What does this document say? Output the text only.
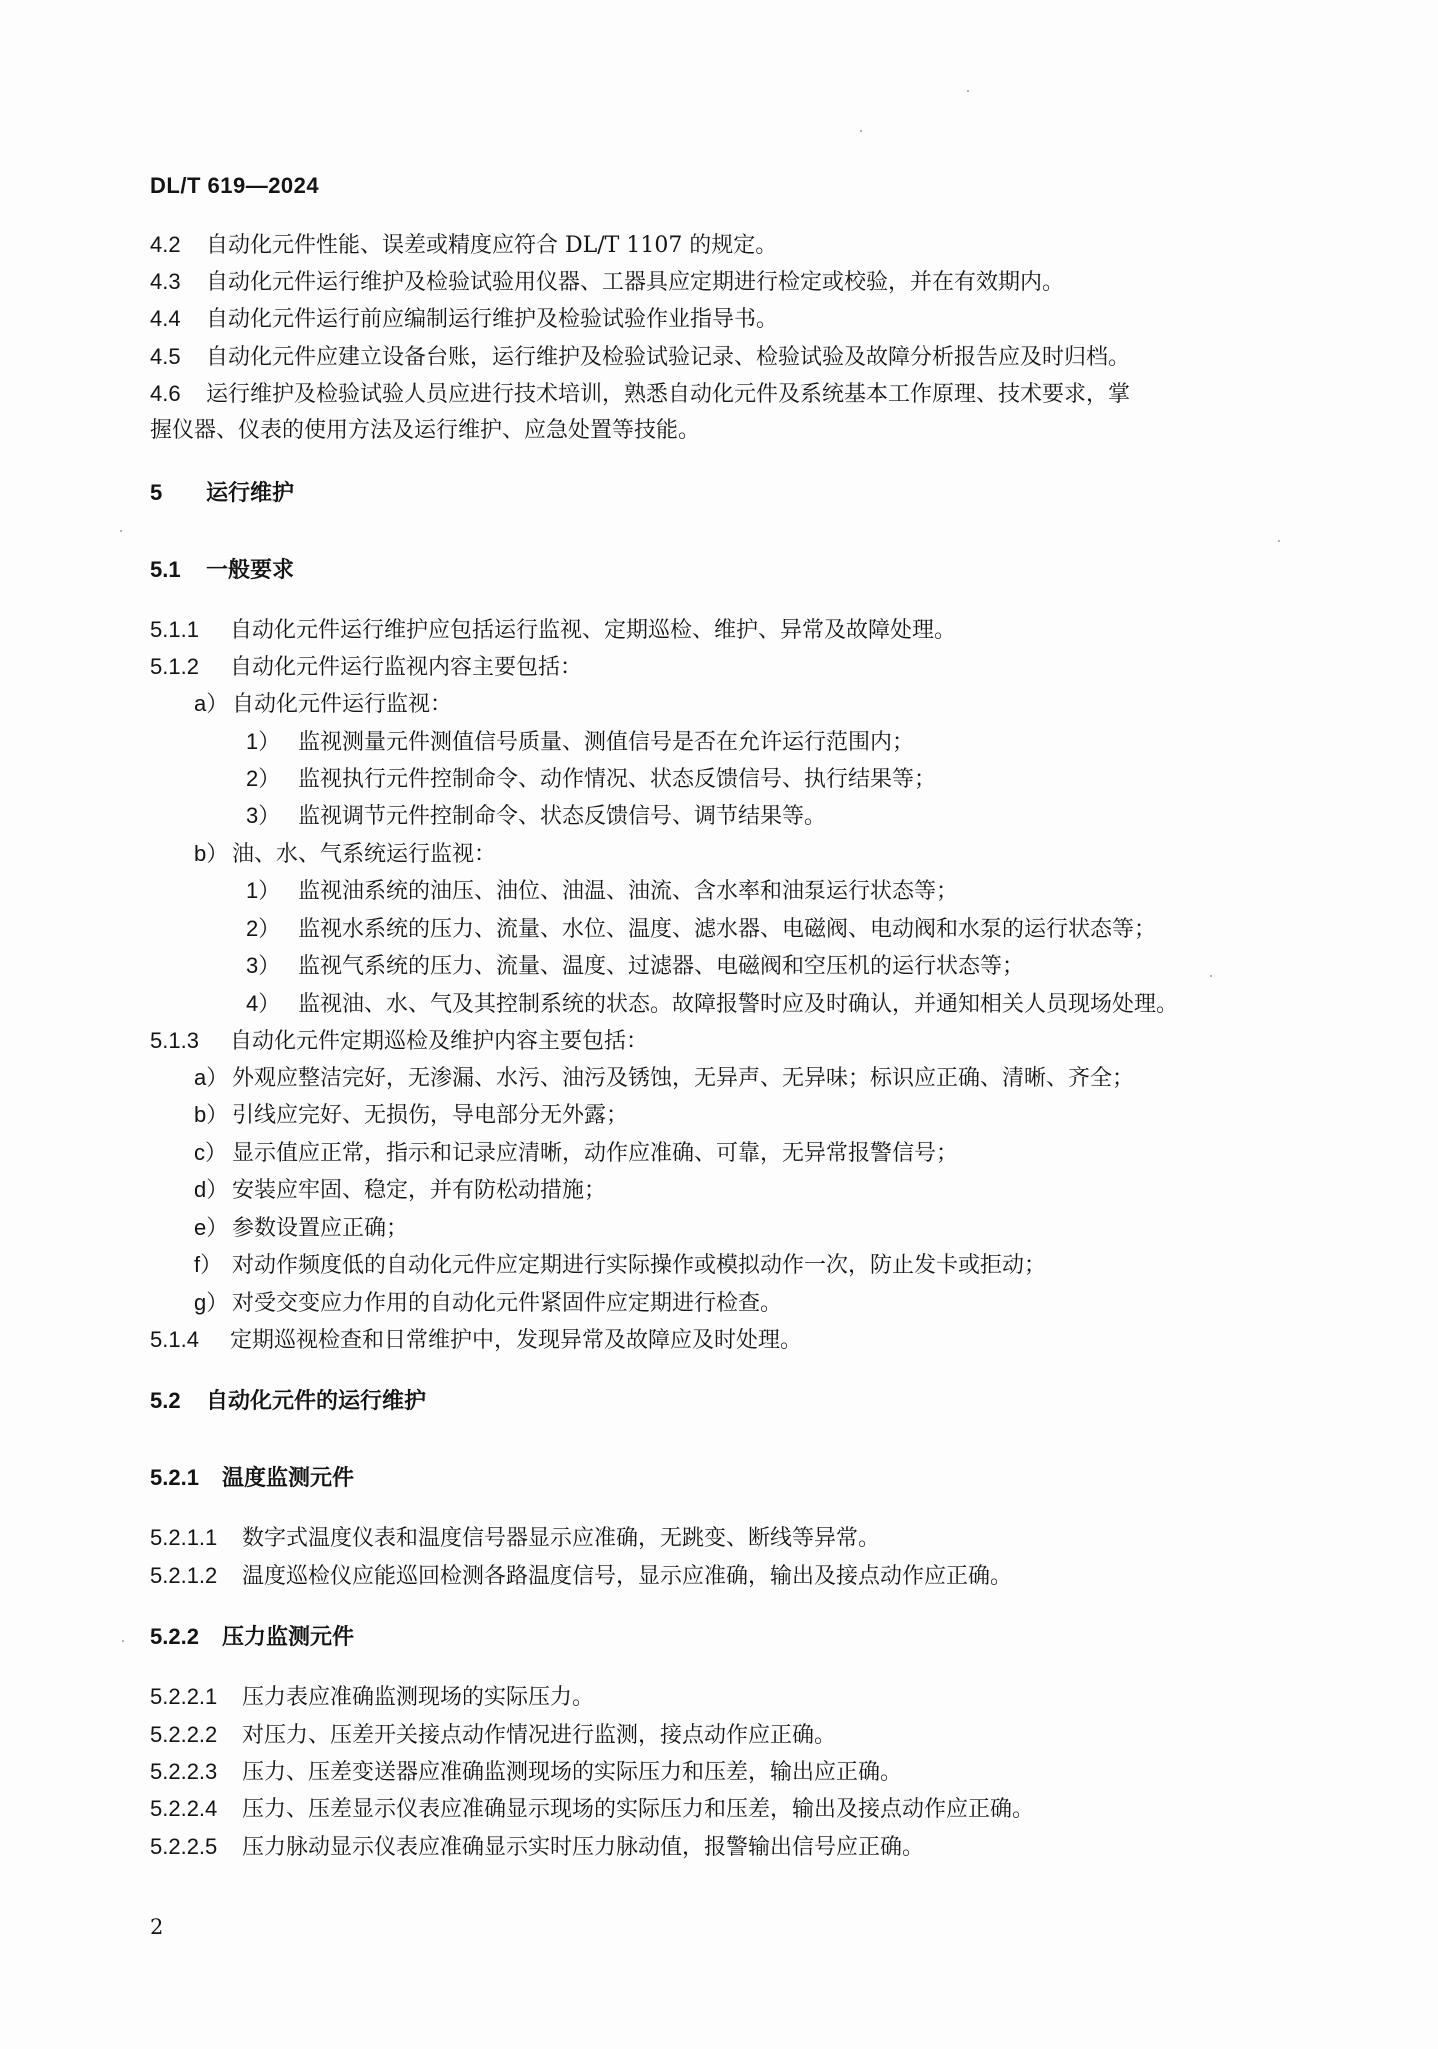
DL/T 619—2024
4.2 自动化元件性能、误差或精度应符合 DL/T 1107 的规定。
4.3 自动化元件运行维护及检验试验用仪器、工器具应定期进行检定或校验，并在有效期内。
4.4 自动化元件运行前应编制运行维护及检验试验作业指导书。
4.5 自动化元件应建立设备台账，运行维护及检验试验记录、检验试验及故障分析报告应及时归档。
4.6 运行维护及检验试验人员应进行技术培训，熟悉自动化元件及系统基本工作原理、技术要求，掌
握仪器、仪表的使用方法及运行维护、应急处置等技能。
5 运行维护
5.1 一般要求
5.1.1 自动化元件运行维护应包括运行监视、定期巡检、维护、异常及故障处理。
5.1.2 自动化元件运行监视内容主要包括：
a） 自动化元件运行监视：
1） 监视测量元件测值信号质量、测值信号是否在允许运行范围内；
2） 监视执行元件控制命令、动作情况、状态反馈信号、执行结果等；
3） 监视调节元件控制命令、状态反馈信号、调节结果等。
b） 油、水、气系统运行监视：
1） 监视油系统的油压、油位、油温、油流、含水率和油泵运行状态等；
2） 监视水系统的压力、流量、水位、温度、滤水器、电磁阀、电动阀和水泵的运行状态等；
3） 监视气系统的压力、流量、温度、过滤器、电磁阀和空压机的运行状态等；
4） 监视油、水、气及其控制系统的状态。故障报警时应及时确认，并通知相关人员现场处理。
5.1.3 自动化元件定期巡检及维护内容主要包括：
a） 外观应整洁完好，无渗漏、水污、油污及锈蚀，无异声、无异味；标识应正确、清晰、齐全；
b） 引线应完好、无损伤，导电部分无外露；
c） 显示值应正常，指示和记录应清晰，动作应准确、可靠，无异常报警信号；
d） 安装应牢固、稳定，并有防松动措施；
e） 参数设置应正确；
f） 对动作频度低的自动化元件应定期进行实际操作或模拟动作一次，防止发卡或拒动；
g） 对受交变应力作用的自动化元件紧固件应定期进行检查。
5.1.4 定期巡视检查和日常维护中，发现异常及故障应及时处理。
5.2 自动化元件的运行维护
5.2.1 温度监测元件
5.2.1.1 数字式温度仪表和温度信号器显示应准确，无跳变、断线等异常。
5.2.1.2 温度巡检仪应能巡回检测各路温度信号，显示应准确，输出及接点动作应正确。
5.2.2 压力监测元件
5.2.2.1 压力表应准确监测现场的实际压力。
5.2.2.2 对压力、压差开关接点动作情况进行监测，接点动作应正确。
5.2.2.3 压力、压差变送器应准确监测现场的实际压力和压差，输出应正确。
5.2.2.4 压力、压差显示仪表应准确显示现场的实际压力和压差，输出及接点动作应正确。
5.2.2.5 压力脉动显示仪表应准确显示实时压力脉动值，报警输出信号应正确。
2
